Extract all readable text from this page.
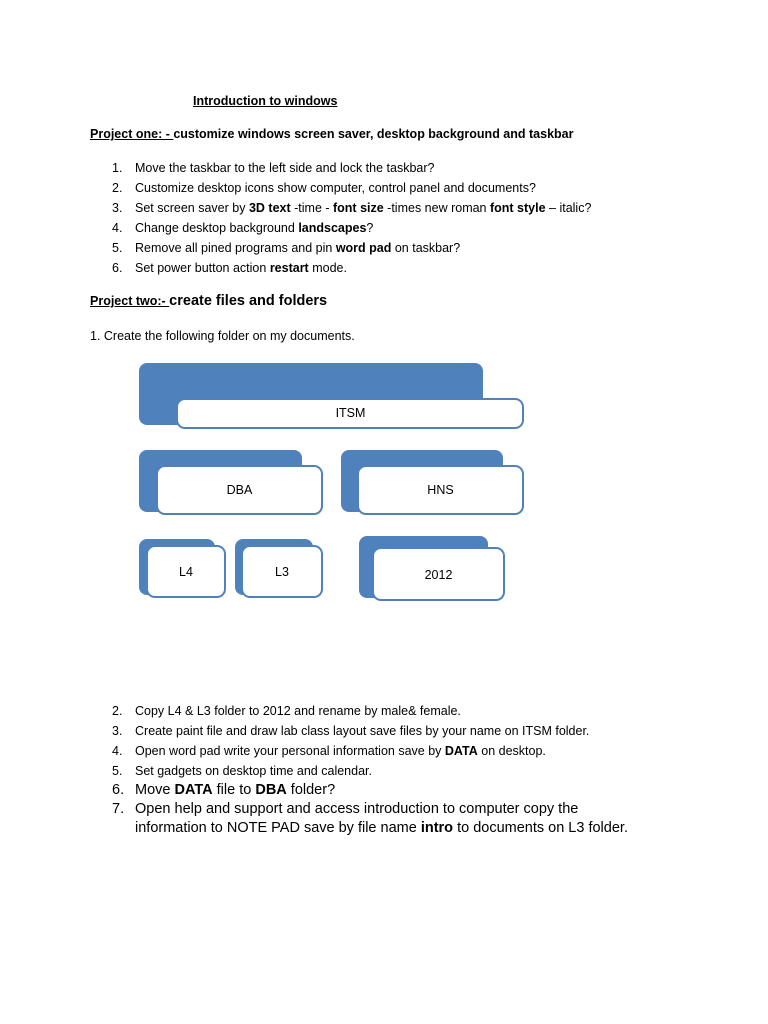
Introduction to windows
Project one: - customize windows screen saver, desktop background and taskbar
1. Move the taskbar to the left side and lock the taskbar?
2. Customize desktop icons show computer, control panel and documents?
3. Set screen saver by 3D text -time - font size -times new roman font style – italic?
4. Change desktop background landscapes?
5. Remove all pined programs and pin word pad on taskbar?
6. Set power button action restart mode.
Project two:- create files and folders
1. Create the following folder on my documents.
ITSM
DBA	HNS
L4	L3	2012
2. Copy L4 & L3 folder to 2012 and rename by male& female.
3. Create paint file and draw lab class layout save files by your name on ITSM folder.
4. Open word pad write your personal information save by DATA on desktop.
5. Set gadgets on desktop time and calendar.
6. Move DATA file to DBA folder?
7. Open help and support and access introduction to computer copy the
information to NOTE PAD save by file name intro to documents on L3 folder.
